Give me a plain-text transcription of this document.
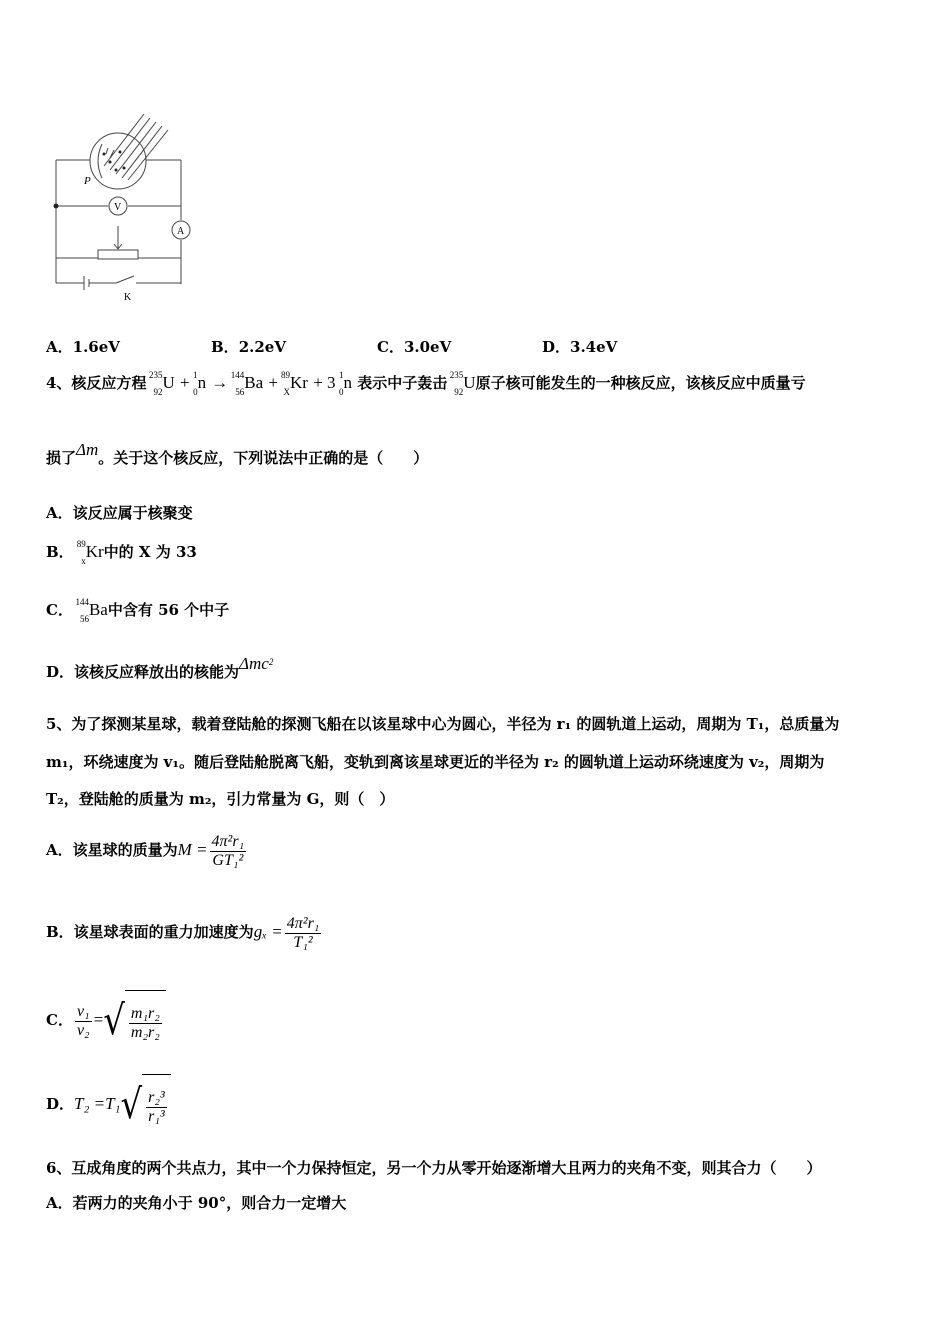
P
V
A
K
A．1.6eV	B．2.2eV	C．3.0eV	D．3.4eV
4、核反应方程 235
92 U + 1
0 n → 144
56 Ba + 89
X Kr + 3 1
0 n 表示中子轰击 235
92 U原子核可能发生的一种核反应，该核反应中质量亏
损了Δm。关于这个核反应，下列说法中正确的是（　　）
A．该反应属于核聚变
B． 89
x Kr中的 X 为 33
C． 144
56 Ba中含有 56 个中子
D．该核反应释放出的核能为Δmc$^2$
5、为了探测某星球，载着登陆舱的探测飞船在以该星球中心为圆心，半径为 r₁ 的圆轨道上运动，周期为 T₁，总质量为
m₁，环绕速度为 v₁。随后登陆舱脱离飞船，变轨到离该星球更近的半径为 r₂ 的圆轨道上运动环绕速度为 v₂，周期为
T₂，登陆舱的质量为 m₂，引力常量为 G，则（　）
A．该星球的质量为$M = \frac{\text{4π²r₁}}{\text{GT₁²}}$
B．该星球表面的重力加速度为$g_x = \frac{\text{4π²r₁}}{\text{T₁²}}$
C． $\frac{\text{v₁}}{\text{v₂}}$ = √ $\frac{\text{m₁r₂}}{\text{m₂r₂}}$
D．T₂ =T₁ √ $\frac{\text{r₂³}}{\text{r₁³}}$
6、互成角度的两个共点力，其中一个力保持恒定，另一个力从零开始逐渐增大且两力的夹角不变，则其合力（　　）
A．若两力的夹角小于 90°，则合力一定增大
